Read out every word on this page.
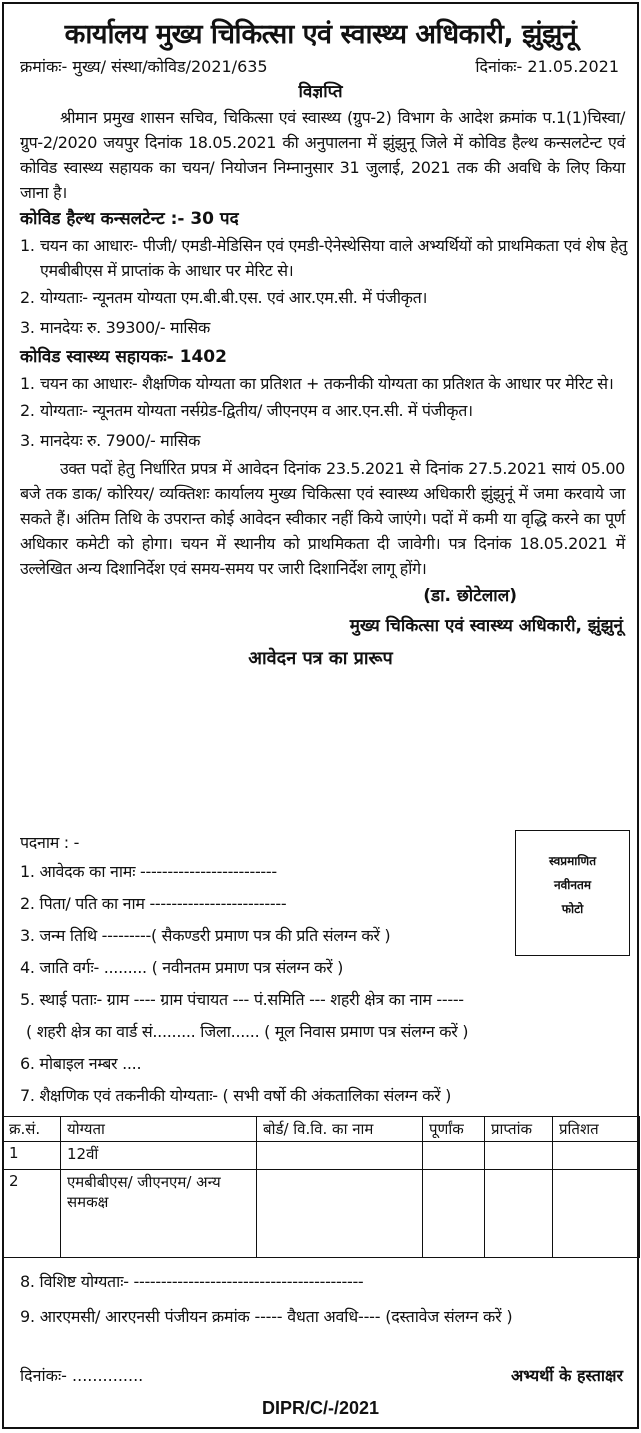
कार्यालय मुख्य चिकित्सा एवं स्वास्थ्य अधिकारी, झुंझुनूं
क्रमांकः- मुख्य/ संस्था/कोविड/2021/635	दिनांकः- 21.05.2021
विज्ञप्ति
श्रीमान प्रमुख शासन सचिव, चिकित्सा एवं स्वास्थ्य (ग्रुप-2) विभाग के आदेश क्रमांक प.1(1)चिस्वा/ ग्रुप-2/2020 जयपुर दिनांक 18.05.2021 की अनुपालना में झुंझुनू जिले में कोविड हैल्थ कन्सलटेन्ट एवं कोविड स्वास्थ्य सहायक का चयन/ नियोजन निम्नानुसार 31 जुलाई, 2021 तक की अवधि के लिए किया जाना है।
कोविड हैल्थ कन्सलटेन्ट :- 30 पद
1. चयन का आधारः- पीजी/ एमडी-मेडिसिन एवं एमडी-ऐनेस्थेसिया वाले अभ्यर्थियों को प्राथमिकता एवं शेष हेतु एमबीबीएस में प्राप्तांक के आधार पर मेरिट से।
2. योग्यताः- न्यूनतम योग्यता एम.बी.बी.एस. एवं आर.एम.सी. में पंजीकृत।
3. मानदेयः रु. 39300/- मासिक
कोविड स्वास्थ्य सहायकः- 1402
1. चयन का आधारः- शैक्षणिक योग्यता का प्रतिशत + तकनीकी योग्यता का प्रतिशत के आधार पर मेरिट से।
2. योग्यताः- न्यूनतम योग्यता नर्सग्रेड-द्वितीय/ जीएनएम व आर.एन.सी. में पंजीकृत।
3. मानदेयः रु. 7900/- मासिक
उक्त पदों हेतु निर्धारित प्रपत्र में आवेदन दिनांक 23.5.2021 से दिनांक 27.5.2021 सायं 05.00 बजे तक डाक/ कोरियर/ व्यक्तिशः कार्यालय मुख्य चिकित्सा एवं स्वास्थ्य अधिकारी झुंझुनूं में जमा करवाये जा सकते हैं। अंतिम तिथि के उपरान्त कोई आवेदन स्वीकार नहीं किये जाएंगे। पदों में कमी या वृद्धि करने का पूर्ण अधिकार कमेटी को होगा। चयन में स्थानीय को प्राथमिकता दी जावेगी। पत्र दिनांक 18.05.2021 में उल्लेखित अन्य दिशानिर्देश एवं समय-समय पर जारी दिशानिर्देश लागू होंगे।
(डा. छोटेलाल)
मुख्य चिकित्सा एवं स्वास्थ्य अधिकारी, झुंझुनूं
आवेदन पत्र का प्रारूप
स्वप्रमाणित
नवीनतम
फोटो
पदनाम : -
1. आवेदक का नामः -------------------------
2. पिता/ पति का नाम -------------------------
3. जन्म तिथि ---------( सैकण्डरी प्रमाण पत्र की प्रति संलग्न करें )
4. जाति वर्गः- ......... ( नवीनतम प्रमाण पत्र संलग्न करें )
5. स्थाई पताः- ग्राम ---- ग्राम पंचायत --- पं.समिति --- शहरी क्षेत्र का नाम -----
( शहरी क्षेत्र का वार्ड सं......... जिला...... ( मूल निवास प्रमाण पत्र संलग्न करें )
6. मोबाइल नम्बर ....
7. शैक्षणिक एवं तकनीकी योग्यताः- ( सभी वर्षो की अंकतालिका संलग्न करें )
क्र.सं.	योग्यता	बोर्ड/ वि.वि. का नाम	पूर्णांक	प्राप्तांक	प्रतिशत
1	12वीं				
2	एमबीबीएस/ जीएनएम/ अन्य समकक्ष				
8. विशिष्ट योग्यताः- ------------------------------------------
9. आरएमसी/ आरएनसी पंजीयन क्रमांक ----- वैधता अवधि---- (दस्तावेज संलग्न करें )
दिनांकः- ..............	अभ्यर्थी के हस्ताक्षर
DIPR/C/-/2021
